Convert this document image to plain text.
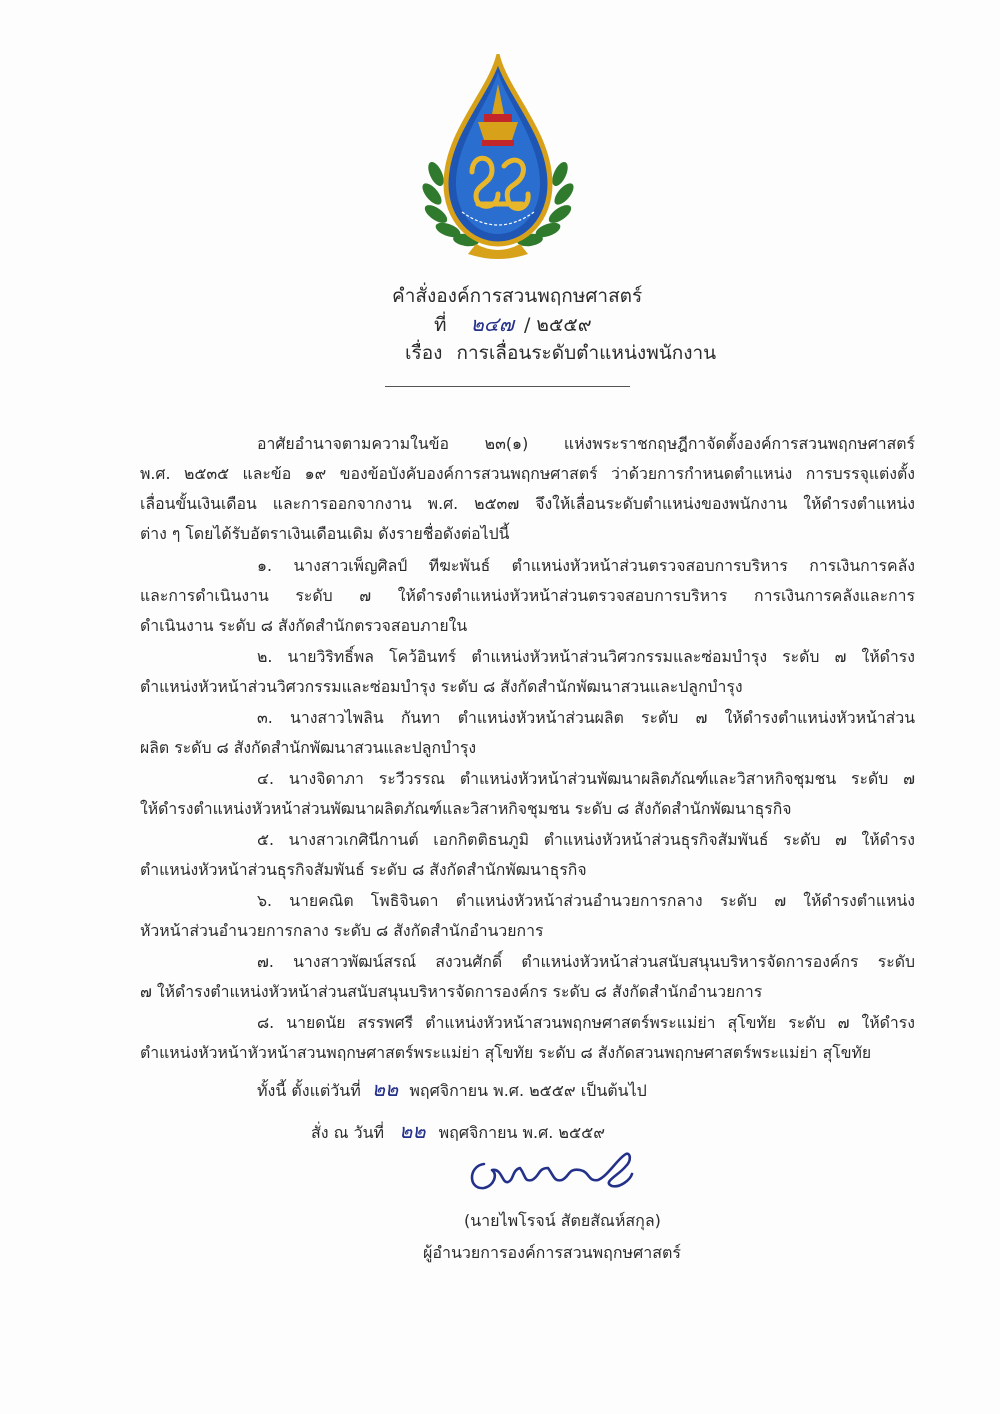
คำสั่งองค์การสวนพฤกษศาสตร์
ที่ ๒๔๗ / ๒๕๕๙
เรื่อง การเลื่อนระดับตำแหน่งพนักงาน
อาศัยอำนาจตามความในข้อ ๒๓(๑) แห่งพระราชกฤษฎีกาจัดตั้งองค์การสวนพฤกษศาสตร์
พ.ศ. ๒๕๓๕ และข้อ ๑๙ ของข้อบังคับองค์การสวนพฤกษศาสตร์ ว่าด้วยการกำหนดตำแหน่ง การบรรจุแต่งตั้ง
เลื่อนขั้นเงินเดือน และการออกจากงาน พ.ศ. ๒๕๓๗ จึงให้เลื่อนระดับตำแหน่งของพนักงาน ให้ดำรงตำแหน่ง
ต่าง ๆ โดยได้รับอัตราเงินเดือนเดิม ดังรายชื่อดังต่อไปนี้
๑. นางสาวเพ็ญศิลป์ ทีฆะพันธ์ ตำแหน่งหัวหน้าส่วนตรวจสอบการบริหาร การเงินการคลัง
และการดำเนินงาน ระดับ ๗ ให้ดำรงตำแหน่งหัวหน้าส่วนตรวจสอบการบริหาร การเงินการคลังและการ
ดำเนินงาน ระดับ ๘ สังกัดสำนักตรวจสอบภายใน
๒. นายวิริทธิ์พล โคว้อินทร์ ตำแหน่งหัวหน้าส่วนวิศวกรรมและซ่อมบำรุง ระดับ ๗ ให้ดำรง
ตำแหน่งหัวหน้าส่วนวิศวกรรมและซ่อมบำรุง ระดับ ๘ สังกัดสำนักพัฒนาสวนและปลูกบำรุง
๓. นางสาวไพลิน กันทา ตำแหน่งหัวหน้าส่วนผลิต ระดับ ๗ ให้ดำรงตำแหน่งหัวหน้าส่วน
ผลิต ระดับ ๘ สังกัดสำนักพัฒนาสวนและปลูกบำรุง
๔. นางจิดาภา ระวีวรรณ ตำแหน่งหัวหน้าส่วนพัฒนาผลิตภัณฑ์และวิสาหกิจชุมชน ระดับ ๗
ให้ดำรงตำแหน่งหัวหน้าส่วนพัฒนาผลิตภัณฑ์และวิสาหกิจชุมชน ระดับ ๘ สังกัดสำนักพัฒนาธุรกิจ
๕. นางสาวเกศินีกานต์ เอกกิตติธนภูมิ ตำแหน่งหัวหน้าส่วนธุรกิจสัมพันธ์ ระดับ ๗ ให้ดำรง
ตำแหน่งหัวหน้าส่วนธุรกิจสัมพันธ์ ระดับ ๘ สังกัดสำนักพัฒนาธุรกิจ
๖. นายคณิต โพธิจินดา ตำแหน่งหัวหน้าส่วนอำนวยการกลาง ระดับ ๗ ให้ดำรงตำแหน่ง
หัวหน้าส่วนอำนวยการกลาง ระดับ ๘ สังกัดสำนักอำนวยการ
๗. นางสาวพัฒน์สรณ์ สงวนศักดิ์ ตำแหน่งหัวหน้าส่วนสนับสนุนบริหารจัดการองค์กร ระดับ
๗ ให้ดำรงตำแหน่งหัวหน้าส่วนสนับสนุนบริหารจัดการองค์กร ระดับ ๘ สังกัดสำนักอำนวยการ
๘. นายดนัย สรรพศรี ตำแหน่งหัวหน้าสวนพฤกษศาสตร์พระแม่ย่า สุโขทัย ระดับ ๗ ให้ดำรง
ตำแหน่งหัวหน้าหัวหน้าสวนพฤกษศาสตร์พระแม่ย่า สุโขทัย ระดับ ๘ สังกัดสวนพฤกษศาสตร์พระแม่ย่า สุโขทัย
ทั้งนี้ ตั้งแต่วันที่ ๒๒ พฤศจิกายน พ.ศ. ๒๕๕๙ เป็นต้นไป
สั่ง ณ วันที่ ๒๒ พฤศจิกายน พ.ศ. ๒๕๕๙
(นายไพโรจน์ สัตยสัณห์สกุล)
ผู้อำนวยการองค์การสวนพฤกษศาสตร์
